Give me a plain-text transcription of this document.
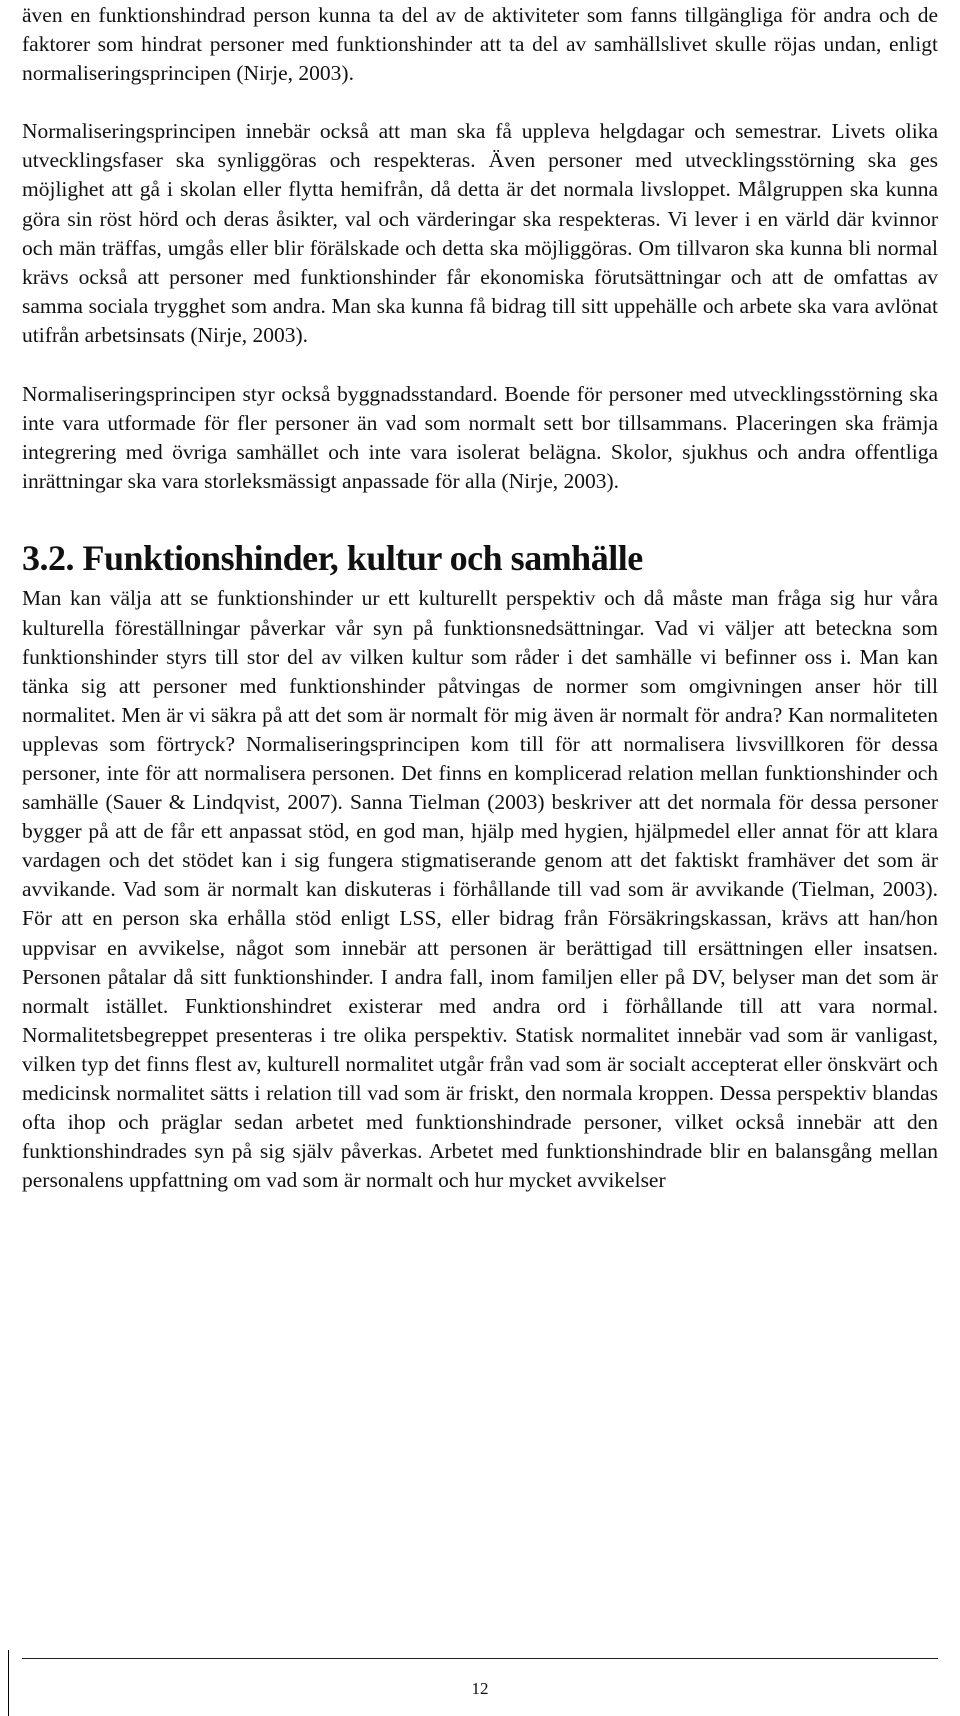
även en funktionshindrad person kunna ta del av de aktiviteter som fanns tillgängliga för andra och de faktorer som hindrat personer med funktionshinder att ta del av samhällslivet skulle röjas undan, enligt normaliseringsprincipen (Nirje, 2003).

Normaliseringsprincipen innebär också att man ska få uppleva helgdagar och semestrar. Livets olika utvecklingsfaser ska synliggöras och respekteras. Även personer med utvecklingsstörning ska ges möjlighet att gå i skolan eller flytta hemifrån, då detta är det normala livsloppet. Målgruppen ska kunna göra sin röst hörd och deras åsikter, val och värderingar ska respekteras. Vi lever i en värld där kvinnor och män träffas, umgås eller blir förälskade och detta ska möjliggöras. Om tillvaron ska kunna bli normal krävs också att personer med funktionshinder får ekonomiska förutsättningar och att de omfattas av samma sociala trygghet som andra. Man ska kunna få bidrag till sitt uppehälle och arbete ska vara avlönat utifrån arbetsinsats (Nirje, 2003).

Normaliseringsprincipen styr också byggnadsstandard. Boende för personer med utvecklingsstörning ska inte vara utformade för fler personer än vad som normalt sett bor tillsammans. Placeringen ska främja integrering med övriga samhället och inte vara isolerat belägna. Skolor, sjukhus och andra offentliga inrättningar ska vara storleksmässigt anpassade för alla (Nirje, 2003).

3.2. Funktionshinder, kultur och samhälle

Man kan välja att se funktionshinder ur ett kulturellt perspektiv och då måste man fråga sig hur våra kulturella föreställningar påverkar vår syn på funktionsnedsättningar. Vad vi väljer att beteckna som funktionshinder styrs till stor del av vilken kultur som råder i det samhälle vi befinner oss i. Man kan tänka sig att personer med funktionshinder påtvingas de normer som omgivningen anser hör till normalitet. Men är vi säkra på att det som är normalt för mig även är normalt för andra? Kan normaliteten upplevas som förtryck? Normaliseringsprincipen kom till för att normalisera livsvillkoren för dessa personer, inte för att normalisera personen. Det finns en komplicerad relation mellan funktionshinder och samhälle (Sauer & Lindqvist, 2007). Sanna Tielman (2003) beskriver att det normala för dessa personer bygger på att de får ett anpassat stöd, en god man, hjälp med hygien, hjälpmedel eller annat för att klara vardagen och det stödet kan i sig fungera stigmatiserande genom att det faktiskt framhäver det som är avvikande. Vad som är normalt kan diskuteras i förhållande till vad som är avvikande (Tielman, 2003). För att en person ska erhålla stöd enligt LSS, eller bidrag från Försäkringskassan, krävs att han/hon uppvisar en avvikelse, något som innebär att personen är berättigad till ersättningen eller insatsen. Personen påtalar då sitt funktionshinder. I andra fall, inom familjen eller på DV, belyser man det som är normalt istället. Funktionshindret existerar med andra ord i förhållande till att vara normal. Normalitetsbegreppet presenteras i tre olika perspektiv. Statisk normalitet innebär vad som är vanligast, vilken typ det finns flest av, kulturell normalitet utgår från vad som är socialt accepterat eller önskvärt och medicinsk normalitet sätts i relation till vad som är friskt, den normala kroppen. Dessa perspektiv blandas ofta ihop och präglar sedan arbetet med funktionshindrade personer, vilket också innebär att den funktionshindrades syn på sig själv påverkas. Arbetet med funktionshindrade blir en balansgång mellan personalens uppfattning om vad som är normalt och hur mycket avvikelser

12
